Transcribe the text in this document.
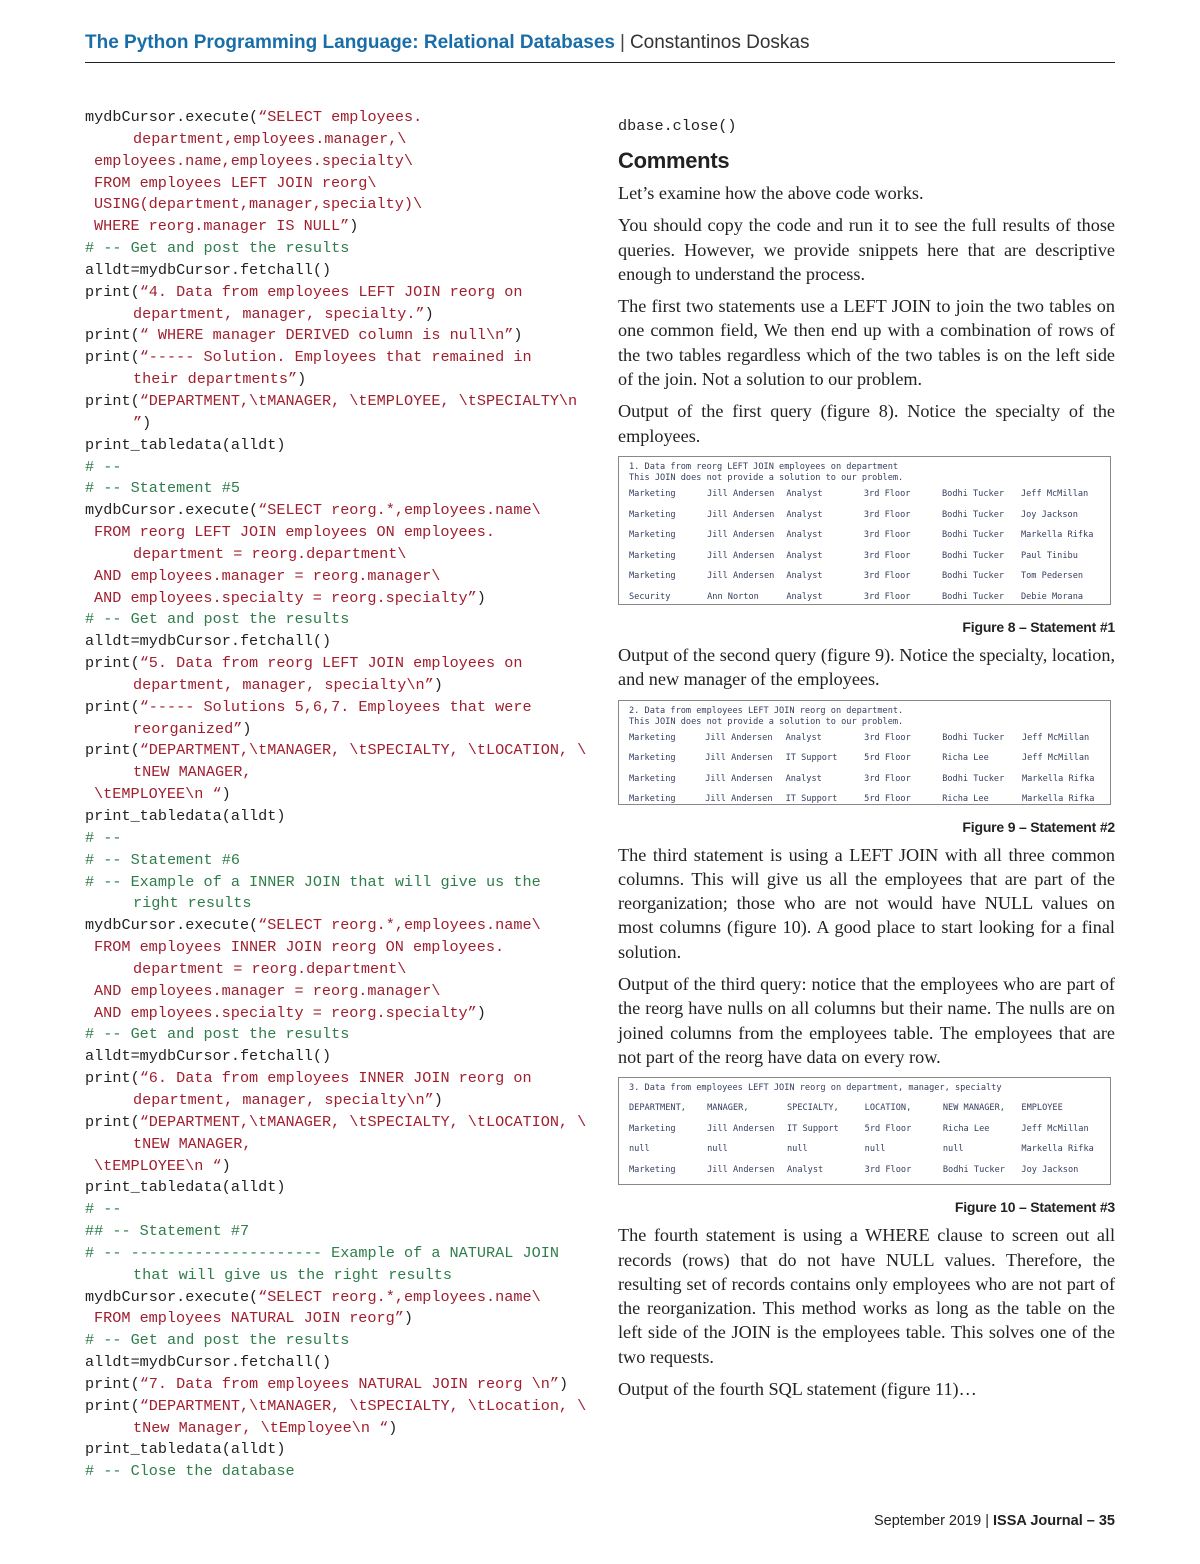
The Python Programming Language: Relational Databases | Constantinos Doskas
mydbCursor.execute(“SELECT employees.
department,employees.manager,\
employees.name,employees.specialty\
FROM employees LEFT JOIN reorg\
USING(department,manager,specialty)\
WHERE reorg.manager IS NULL”)
# -- Get and post the results
alldt=mydbCursor.fetchall()
print(“4. Data from employees LEFT JOIN reorg on
department, manager, specialty.”)
print(“ WHERE manager DERIVED column is null\n”)
print(“----- Solution. Employees that remained in
their departments”)
print(“DEPARTMENT,\tMANAGER, \tEMPLOYEE, \tSPECIALTY\n
”)
print_tabledata(alldt)
# --
# -- Statement #5
mydbCursor.execute(“SELECT reorg.*,employees.name\
FROM reorg LEFT JOIN employees ON employees.
department = reorg.department\
AND employees.manager = reorg.manager\
AND employees.specialty = reorg.specialty”)
# -- Get and post the results
alldt=mydbCursor.fetchall()
print(“5. Data from reorg LEFT JOIN employees on
department, manager, specialty\n”)
print(“----- Solutions 5,6,7. Employees that were
reorganized”)
print(“DEPARTMENT,\tMANAGER, \tSPECIALTY, \tLOCATION, \
tNEW MANAGER,
\tEMPLOYEE\n “)
print_tabledata(alldt)
# --
# -- Statement #6
# -- Example of a INNER JOIN that will give us the
right results
mydbCursor.execute(“SELECT reorg.*,employees.name\
FROM employees INNER JOIN reorg ON employees.
department = reorg.department\
AND employees.manager = reorg.manager\
AND employees.specialty = reorg.specialty”)
# -- Get and post the results
alldt=mydbCursor.fetchall()
print(“6. Data from employees INNER JOIN reorg on
department, manager, specialty\n”)
print(“DEPARTMENT,\tMANAGER, \tSPECIALTY, \tLOCATION, \
tNEW MANAGER,
\tEMPLOYEE\n “)
print_tabledata(alldt)
# --
## -- Statement #7
# -- --------------------- Example of a NATURAL JOIN
that will give us the right results
mydbCursor.execute(“SELECT reorg.*,employees.name\
FROM employees NATURAL JOIN reorg”)
# -- Get and post the results
alldt=mydbCursor.fetchall()
print(“7. Data from employees NATURAL JOIN reorg \n”)
print(“DEPARTMENT,\tMANAGER, \tSPECIALTY, \tLocation, \
tNew Manager, \tEmployee\n “)
print_tabledata(alldt)
# -- Close the database
dbase.close()
Comments

Let’s examine how the above code works.

You should copy the code and run it to see the full results of those queries. However, we provide snippets here that are descriptive enough to understand the process.

The first two statements use a LEFT JOIN to join the two tables on one common field, We then end up with a combination of rows of the two tables regardless which of the two tables is on the left side of the join. Not a solution to our problem.

Output of the first query (figure 8). Notice the specialty of the employees.

1. Data from reorg LEFT JOIN employees on department
This JOIN does not provide a solution to our problem.
Marketing	Jill Andersen	Analyst	3rd Floor	Bodhi Tucker	Jeff McMillan
Marketing	Jill Andersen	Analyst	3rd Floor	Bodhi Tucker	Joy Jackson
Marketing	Jill Andersen	Analyst	3rd Floor	Bodhi Tucker	Markella Rifka
Marketing	Jill Andersen	Analyst	3rd Floor	Bodhi Tucker	Paul Tinibu
Marketing	Jill Andersen	Analyst	3rd Floor	Bodhi Tucker	Tom Pedersen
Security	Ann Norton	Analyst	3rd Floor	Bodhi Tucker	Debie Morana
Figure 8 – Statement #1

Output of the second query (figure 9). Notice the specialty, location, and new manager of the employees.

2. Data from employees LEFT JOIN reorg on department.
This JOIN does not provide a solution to our problem.
Marketing	Jill Andersen	Analyst	3rd Floor	Bodhi Tucker	Jeff McMillan
Marketing	Jill Andersen	IT Support	5rd Floor	Richa Lee	Jeff McMillan
Marketing	Jill Andersen	Analyst	3rd Floor	Bodhi Tucker	Markella Rifka
Marketing	Jill Andersen	IT Support	5rd Floor	Richa Lee	Markella Rifka
Figure 9 – Statement #2

The third statement is using a LEFT JOIN with all three common columns. This will give us all the employees that are part of the reorganization; those who are not would have NULL values on most columns (figure 10). A good place to start looking for a final solution.

Output of the third query: notice that the employees who are part of the reorg have nulls on all columns but their name. The nulls are on joined columns from the employees table. The employees that are not part of the reorg have data on every row.

3. Data from employees LEFT JOIN reorg on department, manager, specialty
DEPARTMENT,	MANAGER,	SPECIALTY,	LOCATION,	NEW MANAGER,	EMPLOYEE
Marketing	Jill Andersen	IT Support	5rd Floor	Richa Lee	Jeff McMillan
null	null	null	null	null	Markella Rifka
Marketing	Jill Andersen	Analyst	3rd Floor	Bodhi Tucker	Joy Jackson
Figure 10 – Statement #3

The fourth statement is using a WHERE clause to screen out all records (rows) that do not have NULL values. Therefore, the resulting set of records contains only employees who are not part of the reorganization. This method works as long as the table on the left side of the JOIN is the employees table. This solves one of the two requests.

Output of the fourth SQL statement (figure 11)…

September 2019 | ISSA Journal – 35
